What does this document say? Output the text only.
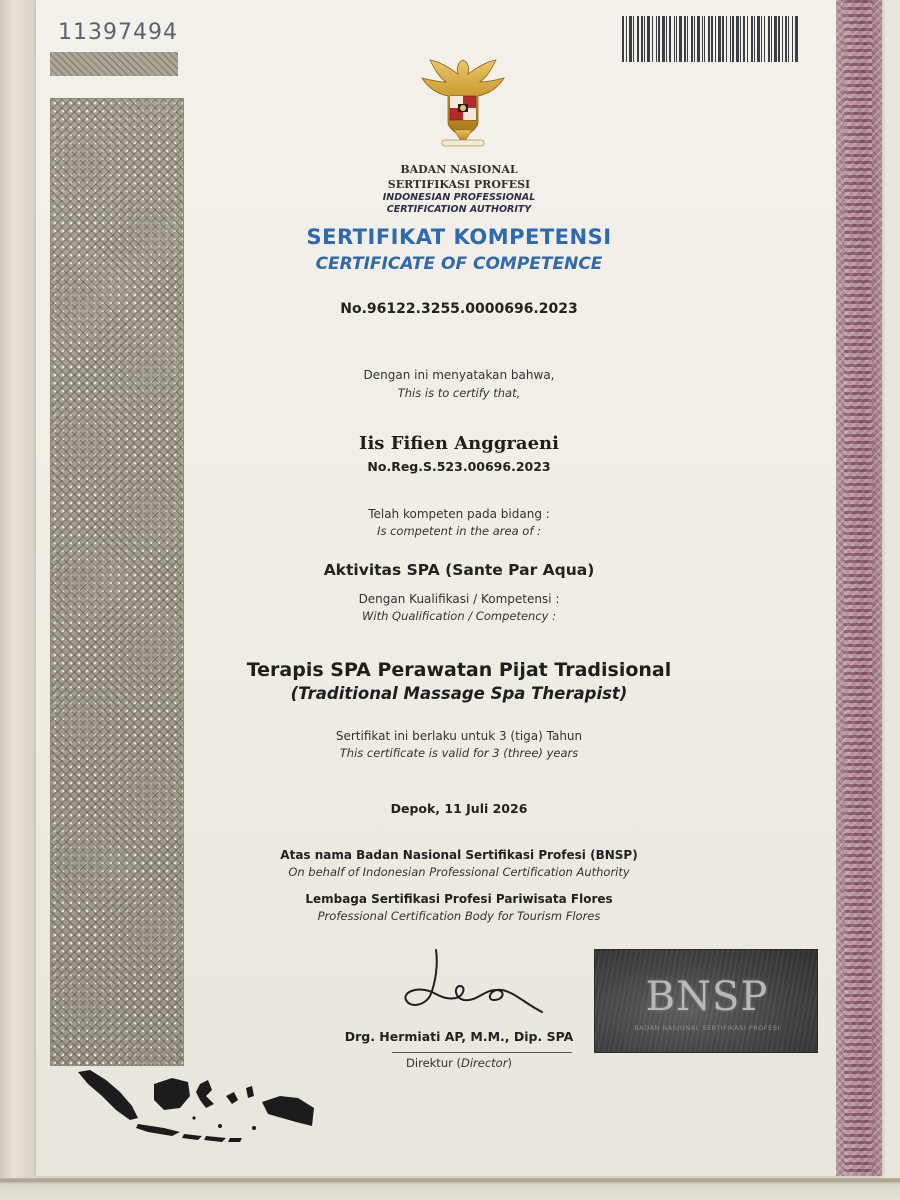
11397494
BADAN NASIONAL
SERTIFIKASI PROFESI
INDONESIAN PROFESSIONAL
CERTIFICATION AUTHORITY
SERTIFIKAT KOMPETENSI
CERTIFICATE OF COMPETENCE
No.96122.3255.0000696.2023
Dengan ini menyatakan bahwa,
This is to certify that,
Iis Fifien Anggraeni
No.Reg.S.523.00696.2023
Telah kompeten pada bidang :
Is competent in the area of :
Aktivitas SPA (Sante Par Aqua)
Dengan Kualifikasi / Kompetensi :
With Qualification / Competency :
Terapis SPA Perawatan Pijat Tradisional
(Traditional Massage Spa Therapist)
Sertifikat ini berlaku untuk 3 (tiga) Tahun
This certificate is valid for 3 (three) years
Depok, 11 Juli 2026
Atas nama Badan Nasional Sertifikasi Profesi (BNSP)
On behalf of Indonesian Professional Certification Authority
Lembaga Sertifikasi Profesi Pariwisata Flores
Professional Certification Body for Tourism Flores
Drg. Hermiati AP, M.M., Dip. SPA
Direktur (Director)
BNSP
BADAN NASIONAL SERTIFIKASI PROFESI
